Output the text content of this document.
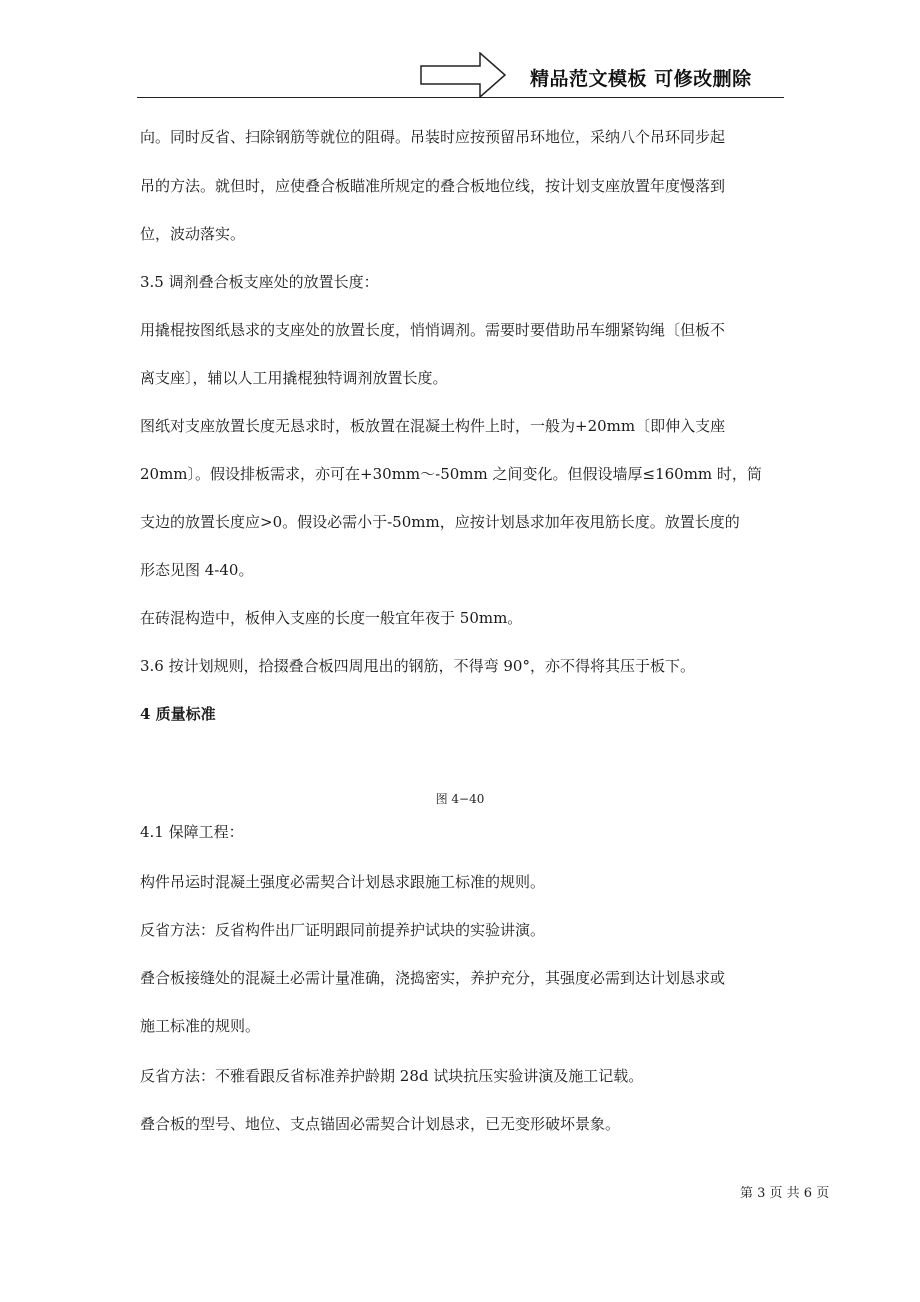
精品范文模板 可修改删除
向。同时反省、扫除钢筋等就位的阻碍。吊装时应按预留吊环地位，采纳八个吊环同步起
吊的方法。就但时，应使叠合板瞄准所规定的叠合板地位线，按计划支座放置年度慢落到
位，波动落实。
3.5 调剂叠合板支座处的放置长度：
用撬棍按图纸恳求的支座处的放置长度，悄悄调剂。需要时要借助吊车绷紧钩绳〔但板不
离支座〕，辅以人工用撬棍独特调剂放置长度。
图纸对支座放置长度无恳求时，板放置在混凝土构件上时，一般为+20mm〔即伸入支座
20mm〕。假设排板需求，亦可在+30mm～-50mm 之间变化。但假设墙厚≤160mm 时，筒
支边的放置长度应>0。假设必需小于-50mm，应按计划恳求加年夜甩筋长度。放置长度的
形态见图 4-40。
在砖混构造中，板伸入支座的长度一般宜年夜于 50mm。
3.6 按计划规则，拾掇叠合板四周甩出的钢筋，不得弯 90°，亦不得将其压于板下。
4 质量标准
图 4−40
4.1 保障工程：
构件吊运时混凝土强度必需契合计划恳求跟施工标准的规则。
反省方法：反省构件出厂证明跟同前提养护试块的实验讲演。
叠合板接缝处的混凝土必需计量准确，浇捣密实，养护充分，其强度必需到达计划恳求或
施工标准的规则。
反省方法：不雅看跟反省标准养护龄期 28d 试块抗压实验讲演及施工记载。
叠合板的型号、地位、支点锚固必需契合计划恳求，已无变形破坏景象。
第 3 页 共 6 页
